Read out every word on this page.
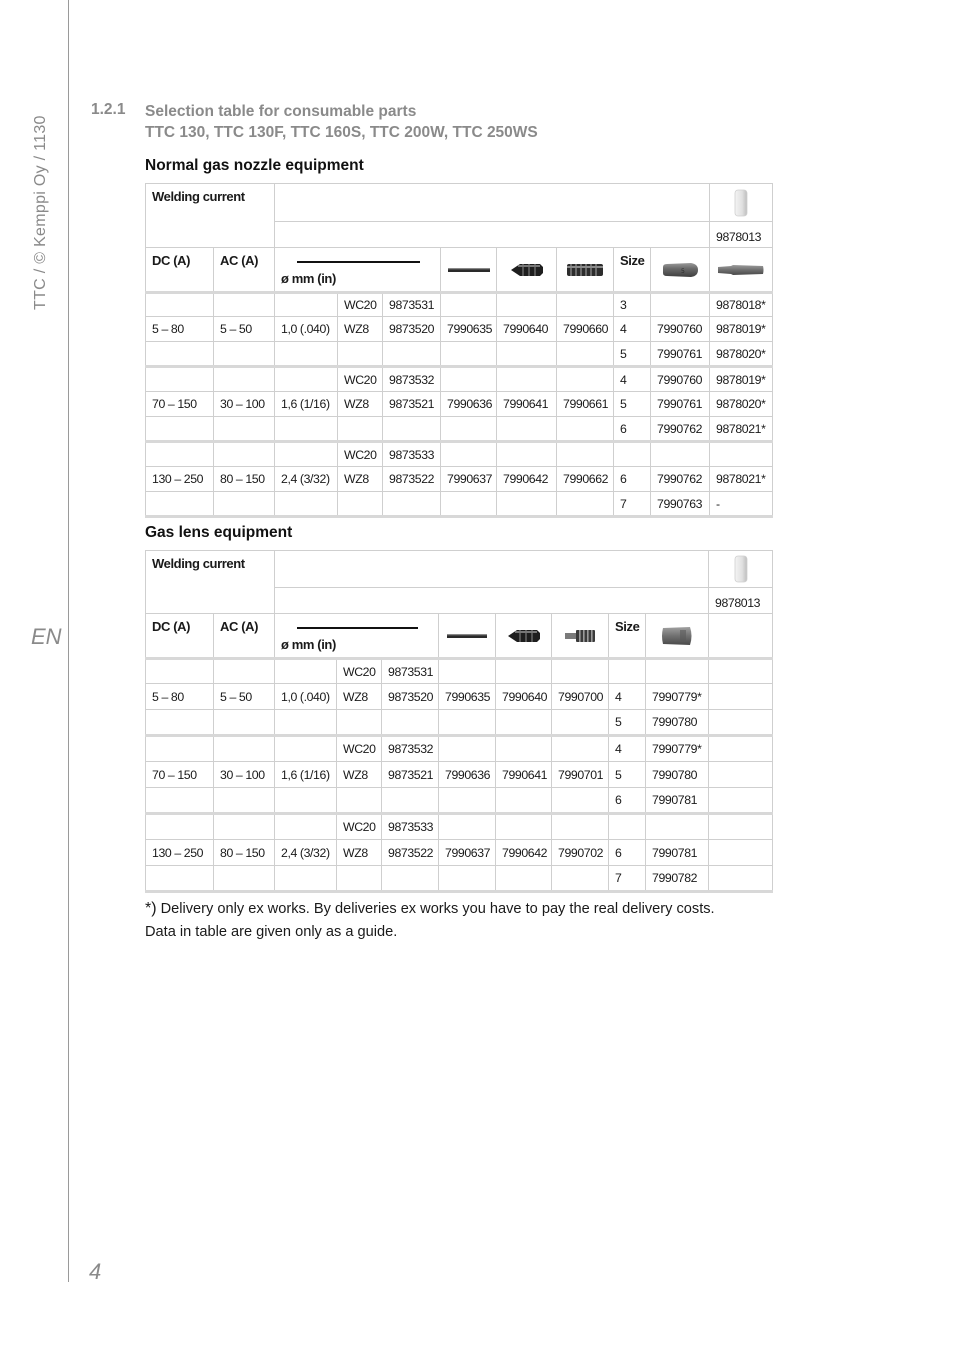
TTC / © Kemppi Oy / 1130
EN
4
1.2.1 Selection table for consumable parts
TTC 130, TTC 130F, TTC 160S, TTC 200W, TTC 250WS
Normal gas nozzle equipment
Welding current		

										9878013
DC (A)	AC (A)	ø mm (in)						Size	5

			WC20	9873531				3		9878018*
5 – 80	5 – 50	1,0 (.040)	WZ8	9873520	7990635	7990640	7990660	4	7990760	9878019*
								5	7990761	9878020*
			WC20	9873532				4	7990760	9878019*
70 – 150	30 – 100	1,6 (1/16)	WZ8	9873521	7990636	7990641	7990661	5	7990761	9878020*
								6	7990762	9878021*
			WC20	9873533						
130 – 250	80 – 150	2,4 (3/32)	WZ8	9873522	7990637	7990642	7990662	6	7990762	9878021*
								7	7990763	-
Gas lens equipment
Welding current		

										9878013
DC (A)	AC (A)	ø mm (in)						Size	

			WC20	9873531						
5 – 80	5 – 50	1,0 (.040)	WZ8	9873520	7990635	7990640	7990700	4	7990779*	
								5	7990780	
			WC20	9873532				4	7990779*	
70 – 150	30 – 100	1,6 (1/16)	WZ8	9873521	7990636	7990641	7990701	5	7990780	
								6	7990781	
			WC20	9873533						
130 – 250	80 – 150	2,4 (3/32)	WZ8	9873522	7990637	7990642	7990702	6	7990781	
								7	7990782	
*) Delivery only ex works. By deliveries ex works you have to pay the real delivery costs.
Data in table are given only as a guide.
